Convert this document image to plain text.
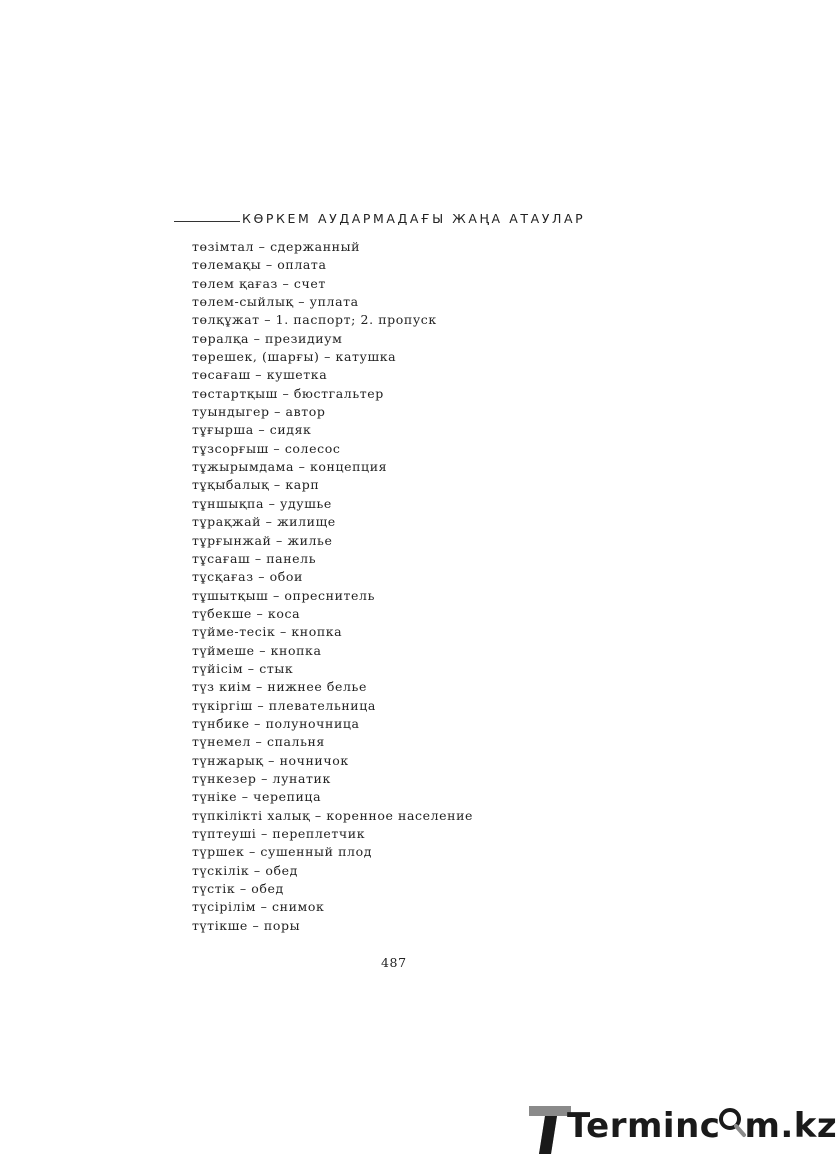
КӨРКЕМ АУДАРМАДАҒЫ ЖАҢА АТАУЛАР
төзімтал – сдержанный
төлемақы – оплата
төлем қағаз – счет
төлем-сыйлық – уплата
төлқұжат – 1. паспорт; 2. пропуск
төралқа – президиум
төрешек, (шарғы) – катушка
төсағаш – кушетка
төстартқыш – бюстгальтер
туындыгер – автор
тұғырша – сидяк
тұзсорғыш – солесос
тұжырымдама – концепция
тұқыбалық – карп
тұншықпа – удушье
тұрақжай – жилище
тұрғынжай – жилье
тұсағаш – панель
тұсқағаз – обои
тұшытқыш – опреснитель
түбекше – коса
түйме-тесік – кнопка
түймеше – кнопка
түйісім – стык
түз киім – нижнее белье
түкіргіш – плевательница
түнбике – полуночница
түнемел – спальня
түнжарық – ночничок
түнкезер – лунатик
түніке – черепица
түпкілікті халық – коренное население
түптеуші – переплетчик
түршек – сушенный плод
түскілік – обед
түстік – обед
түсірілім – снимок
түтікше – поры
487
Terminc m.kz
